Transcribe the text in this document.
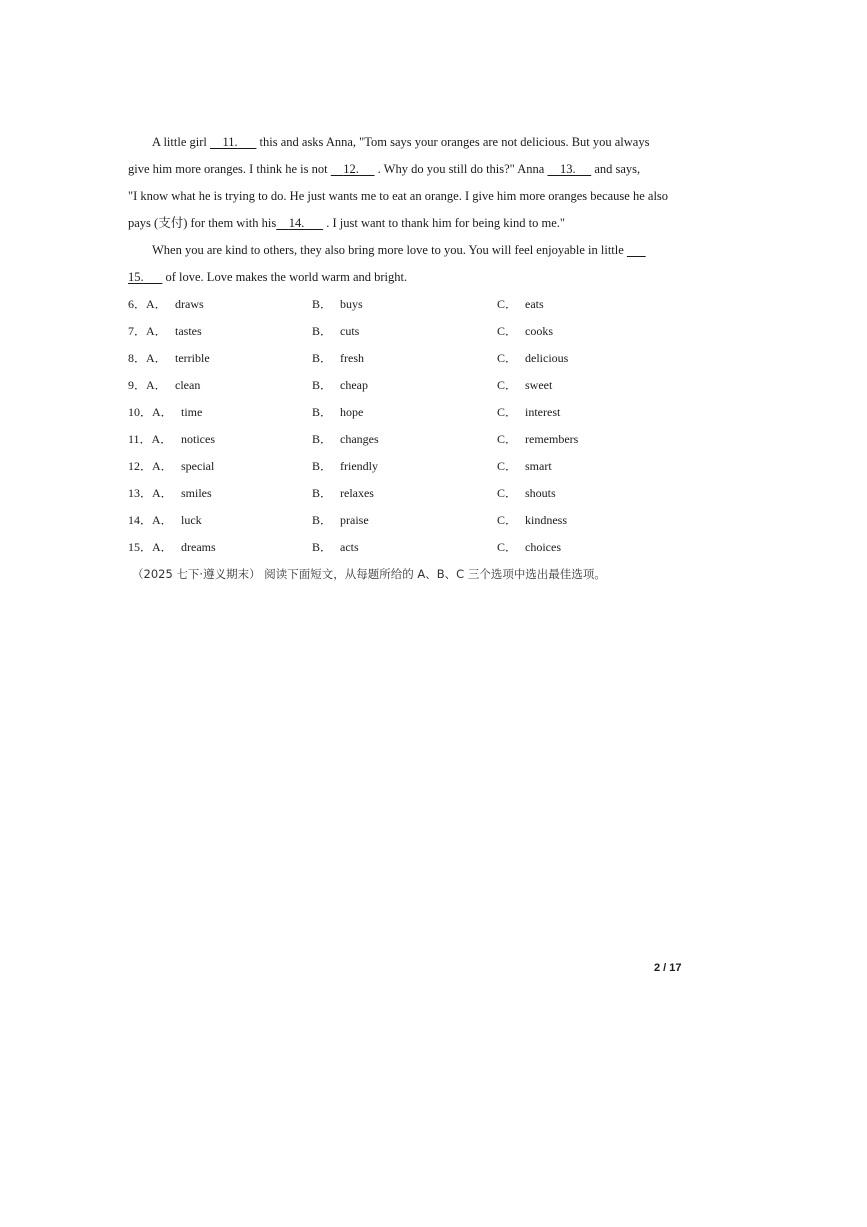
A little girl 11. this and asks Anna, "Tom says your oranges are not delicious. But you always
give him more oranges. I think he is not 12. . Why do you still do this?" Anna 13. and says,
"I know what he is trying to do. He just wants me to eat an orange. I give him more oranges because he also
pays (支付) for them with his 14. . I just want to thank him for being kind to me."
When you are kind to others, they also bring more love to you. You will feel enjoyable in little
15. of love. Love makes the world warm and bright.
6．A． draws	B． buys	C． eats
7．A． tastes	B． cuts	C． cooks
8．A． terrible	B． fresh	C． delicious
9．A． clean	B． cheap	C． sweet
10．A． time	B． hope	C． interest
11．A． notices	B． changes	C． remembers
12．A． special	B． friendly	C． smart
13．A． smiles	B． relaxes	C． shouts
14．A． luck	B． praise	C． kindness
15．A． dreams	B． acts	C． choices
（2025 七下·遵义期末） 阅读下面短文，从每题所给的 A、B、C 三个选项中选出最佳选项。
2 / 17
